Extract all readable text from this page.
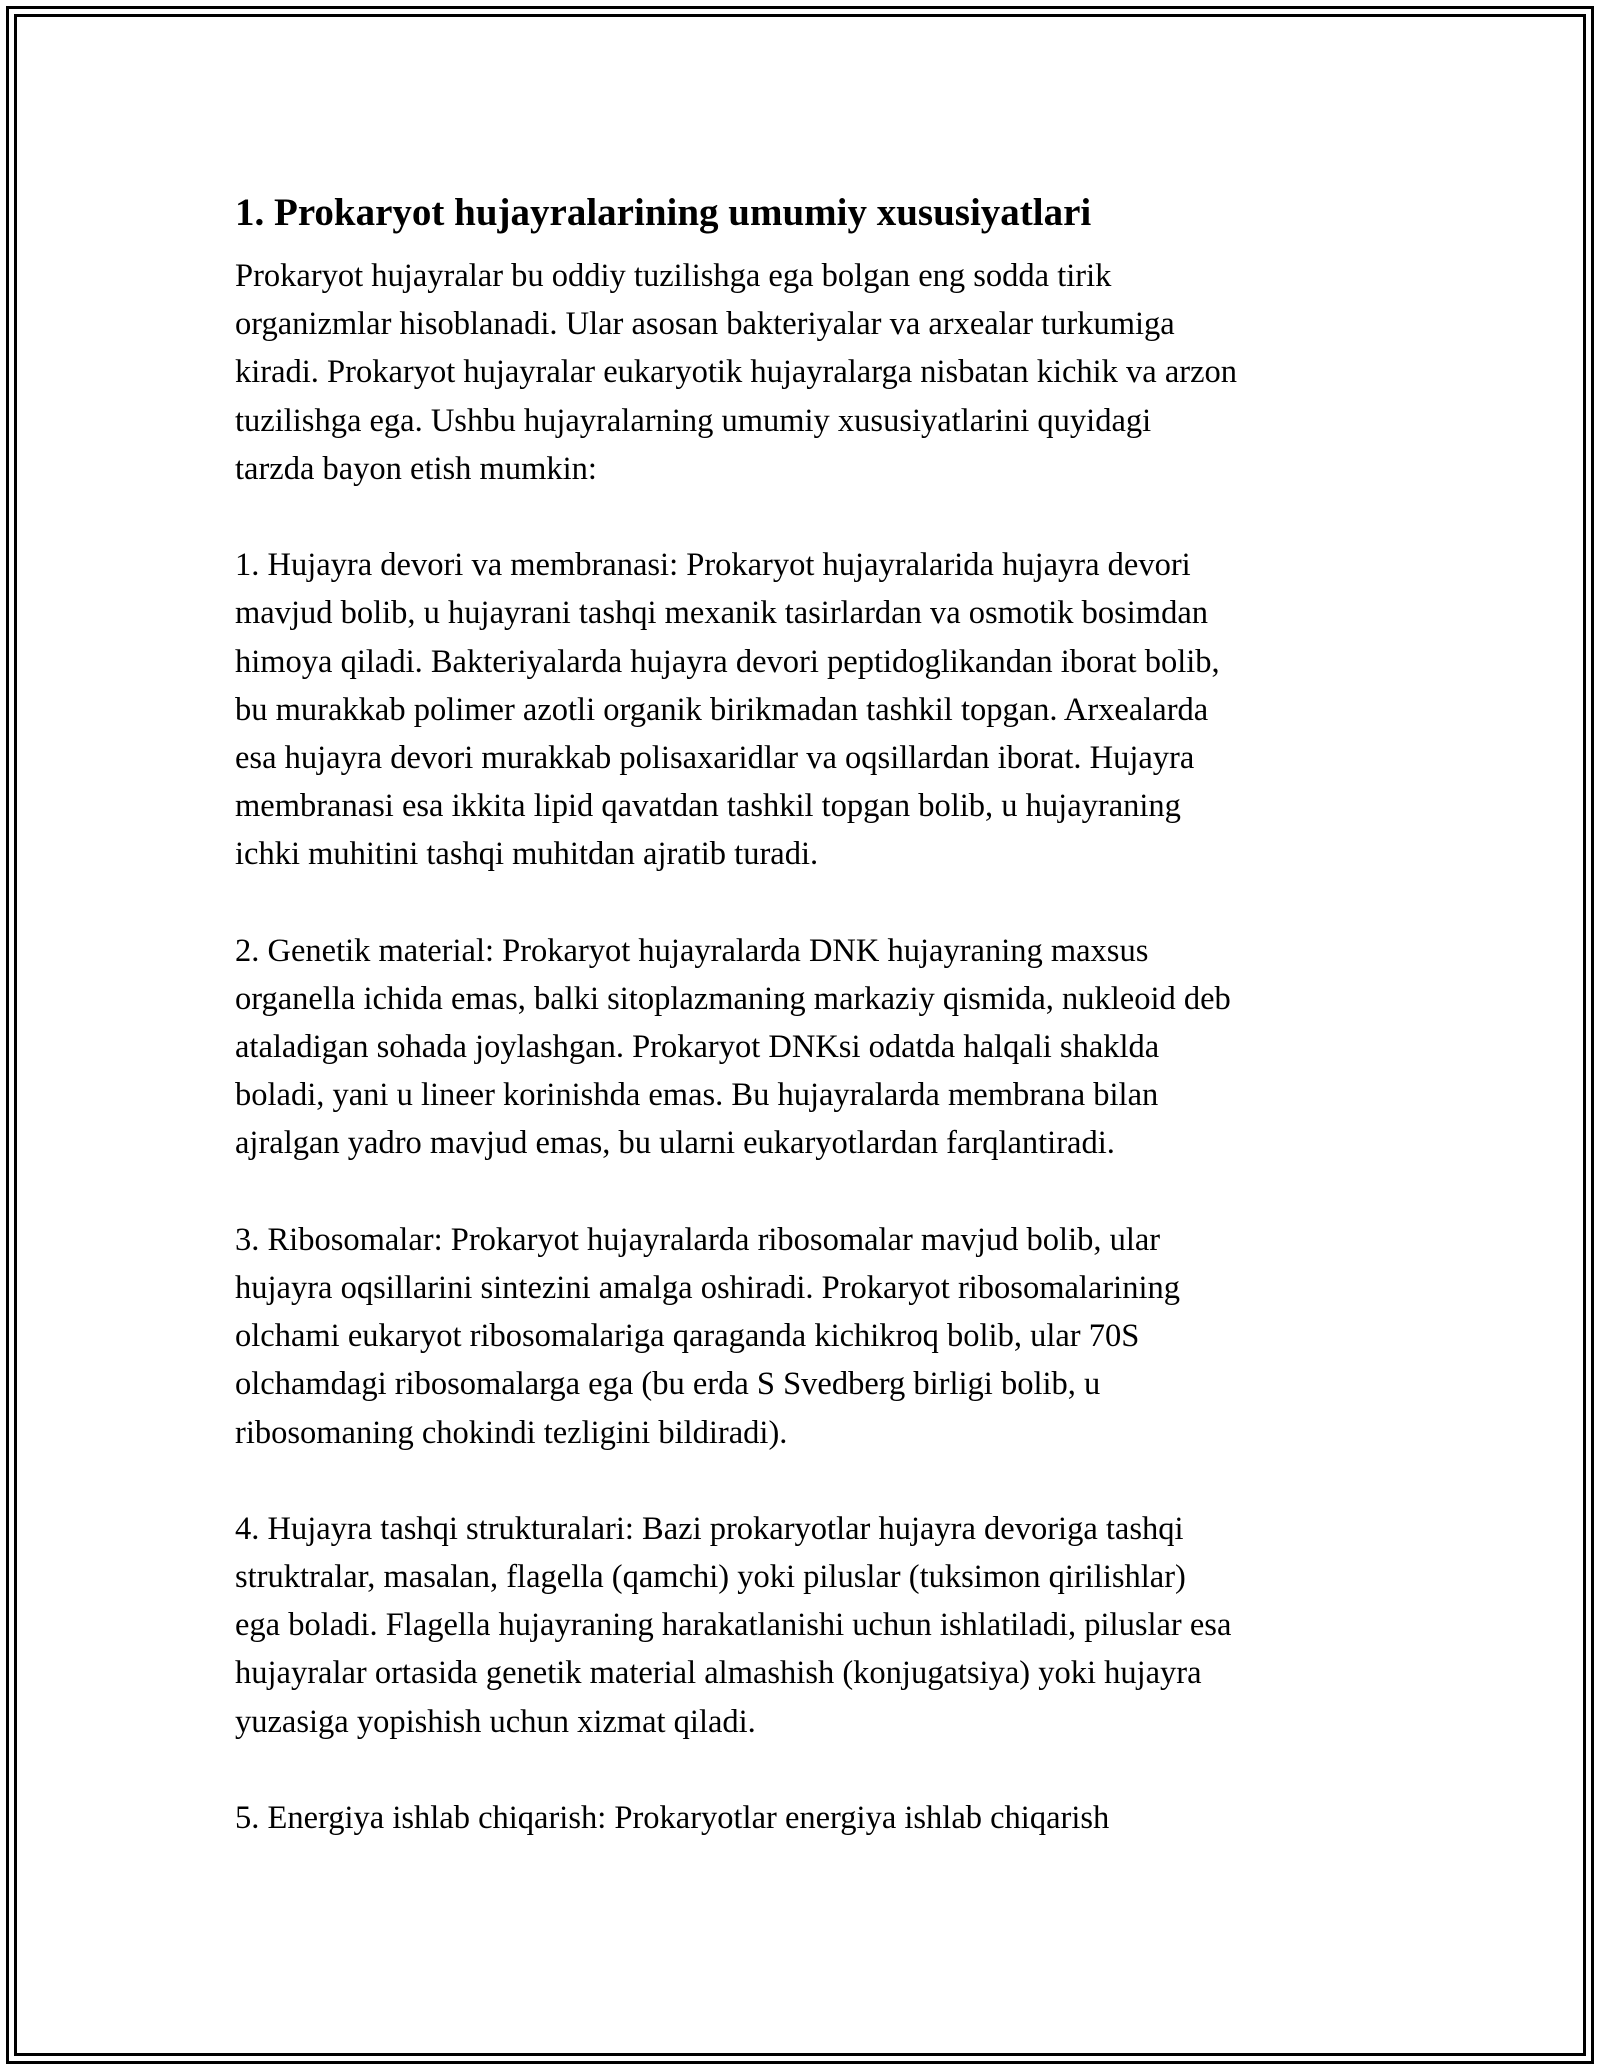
1. Prokaryot hujayralarining umumiy xususiyatlari
Prokaryot hujayralar bu oddiy tuzilishga ega bolgan eng sodda tirik
organizmlar hisoblanadi. Ular asosan bakteriyalar va arxealar turkumiga
kiradi. Prokaryot hujayralar eukaryotik hujayralarga nisbatan kichik va arzon
tuzilishga ega. Ushbu hujayralarning umumiy xususiyatlarini quyidagi
tarzda bayon etish mumkin:
1. Hujayra devori va membranasi: Prokaryot hujayralarida hujayra devori
mavjud bolib, u hujayrani tashqi mexanik tasirlardan va osmotik bosimdan
himoya qiladi. Bakteriyalarda hujayra devori peptidoglikandan iborat bolib,
bu murakkab polimer azotli organik birikmadan tashkil topgan. Arxealarda
esa hujayra devori murakkab polisaxaridlar va oqsillardan iborat. Hujayra
membranasi esa ikkita lipid qavatdan tashkil topgan bolib, u hujayraning
ichki muhitini tashqi muhitdan ajratib turadi.
2. Genetik material: Prokaryot hujayralarda DNK hujayraning maxsus
organella ichida emas, balki sitoplazmaning markaziy qismida, nukleoid deb
ataladigan sohada joylashgan. Prokaryot DNKsi odatda halqali shaklda
boladi, yani u lineer korinishda emas. Bu hujayralarda membrana bilan
ajralgan yadro mavjud emas, bu ularni eukaryotlardan farqlantiradi.
3. Ribosomalar: Prokaryot hujayralarda ribosomalar mavjud bolib, ular
hujayra oqsillarini sintezini amalga oshiradi. Prokaryot ribosomalarining
olchami eukaryot ribosomalariga qaraganda kichikroq bolib, ular 70S
olchamdagi ribosomalarga ega (bu erda S Svedberg birligi bolib, u
ribosomaning chokindi tezligini bildiradi).
4. Hujayra tashqi strukturalari: Bazi prokaryotlar hujayra devoriga tashqi
struktralar, masalan, flagella (qamchi) yoki piluslar (tuksimon qirilishlar)
ega boladi. Flagella hujayraning harakatlanishi uchun ishlatiladi, piluslar esa
hujayralar ortasida genetik material almashish (konjugatsiya) yoki hujayra
yuzasiga yopishish uchun xizmat qiladi.
5. Energiya ishlab chiqarish: Prokaryotlar energiya ishlab chiqarish
